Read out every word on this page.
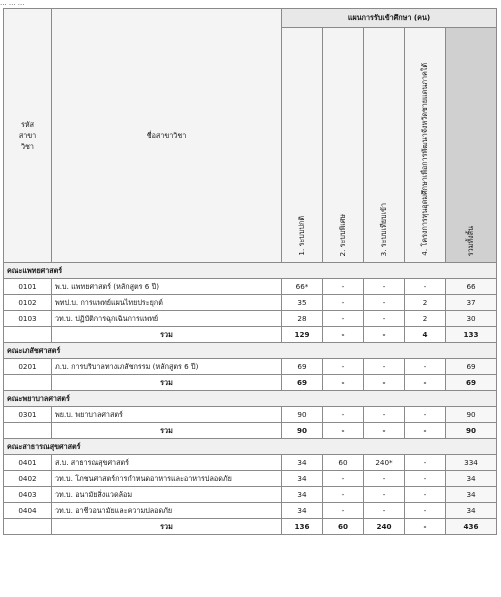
... ... ...
รหัส
สาขา
วิชา	ชื่อสาขาวิชา	แผนการรับเข้าศึกษา (คน)				
		1. ระบบปกติ	2. ระบบพิเศษ	3. ระบบเทียบเข้า	4. โครงการทุนอุดมศึกษาเพื่อการพัฒนาจังหวัดชายแดนภาคใต้	รวมทั้งสิ้น
คณะแพทยศาสตร์						
0101	พ.บ. แพทยศาสตร์ (หลักสูตร 6 ปี)	66*	-	-	-	66
0102	พทป.บ. การแพทย์แผนไทยประยุกต์	35	-	-	2	37
0103	วท.บ. ปฏิบัติการฉุกเฉินการแพทย์	28	-	-	2	30
	รวม	129	-	-	4	133
คณะเภสัชศาสตร์						
0201	ภ.บ. การบริบาลทางเภสัชกรรม (หลักสูตร 6 ปี)	69	-	-	-	69
	รวม	69	-	-	-	69
คณะพยาบาลศาสตร์						
0301	พย.บ. พยาบาลศาสตร์	90	-	-	-	90
	รวม	90	-	-	-	90
คณะสาธารณสุขศาสตร์						
0401	ส.บ. สาธารณสุขศาสตร์	34	60	240*	-	334
0402	วท.บ. โภชนศาสตร์การกำหนดอาหารและอาหารปลอดภัย	34	-	-	-	34
0403	วท.บ. อนามัยสิ่งแวดล้อม	34	-	-	-	34
0404	วท.บ. อาชีวอนามัยและความปลอดภัย	34	-	-	-	34
	รวม	136	60	240	-	436
